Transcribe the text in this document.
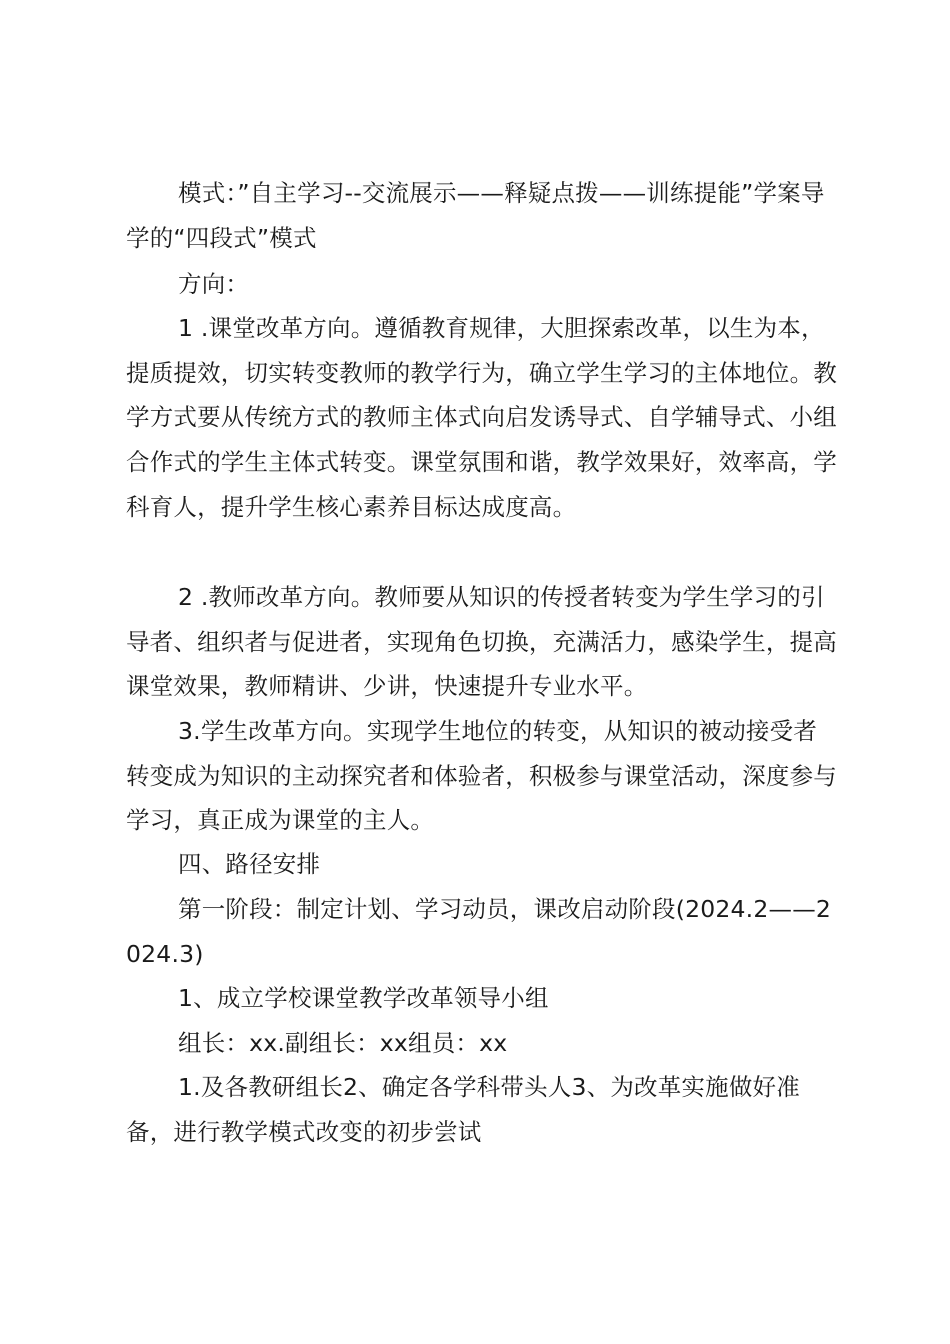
模式：”自主学习--交流展示——释疑点拨——训练提能”学案导学的“四段式”模式

方向：

1 .课堂改革方向。遵循教育规律，大胆探索改革，以生为本，提质提效，切实转变教师的教学行为，确立学生学习的主体地位。教学方式要从传统方式的教师主体式向启发诱导式、自学辅导式、小组合作式的学生主体式转变。课堂氛围和谐，教学效果好，效率高，学科育人，提升学生核心素养目标达成度高。

2 .教师改革方向。教师要从知识的传授者转变为学生学习的引导者、组织者与促进者，实现角色切换，充满活力，感染学生，提高课堂效果，教师精讲、少讲，快速提升专业水平。

3.学生改革方向。实现学生地位的转变，从知识的被动接受者转变成为知识的主动探究者和体验者，积极参与课堂活动，深度参与学习，真正成为课堂的主人。

四、路径安排

第一阶段：制定计划、学习动员，课改启动阶段(2024.2——2024.3)

1、成立学校课堂教学改革领导小组

组长：xx.副组长：xx组员：xx

1.及各教研组长2、确定各学科带头人3、为改革实施做好准备，进行教学模式改变的初步尝试
